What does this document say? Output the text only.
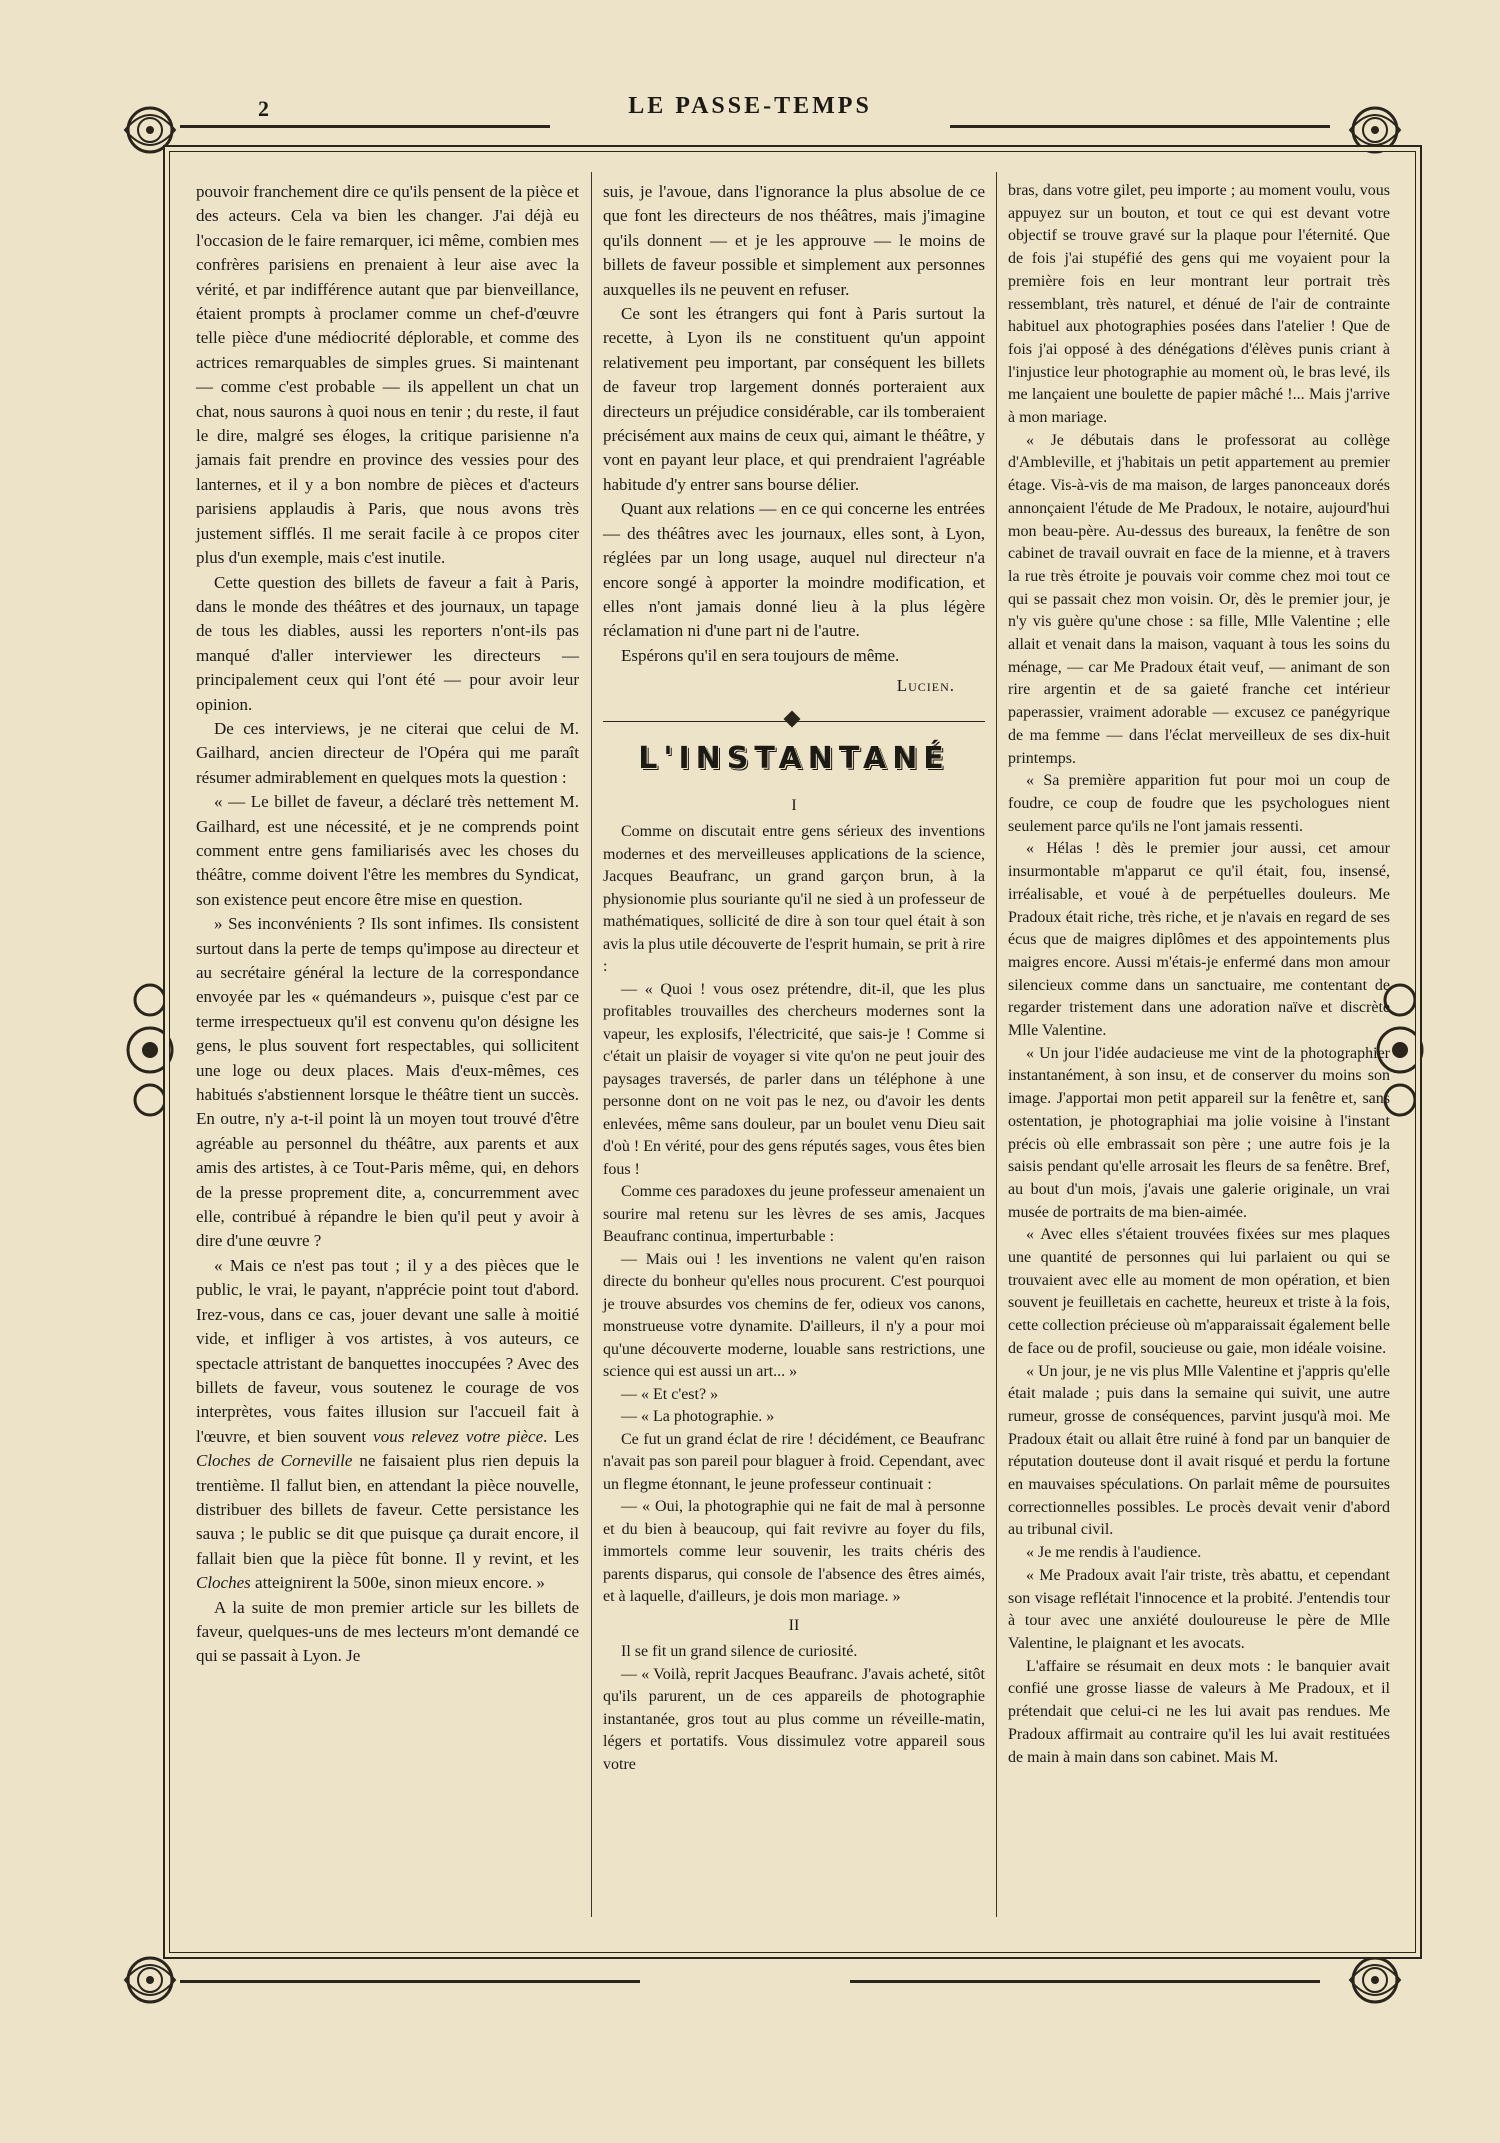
2	LE PASSE-TEMPS

pouvoir franchement dire ce qu'ils pensent de la pièce et des acteurs. Cela va bien les changer. J'ai déjà eu l'occasion de le faire remarquer, ici même, combien mes confrères parisiens en prenaient à leur aise avec la vérité, et par indifférence autant que par bienveillance, étaient prompts à proclamer comme un chef-d'œuvre telle pièce d'une médiocrité déplorable, et comme des actrices remarquables de simples grues. Si maintenant — comme c'est probable — ils appellent un chat un chat, nous saurons à quoi nous en tenir ; du reste, il faut le dire, malgré ses éloges, la critique parisienne n'a jamais fait prendre en province des vessies pour des lanternes, et il y a bon nombre de pièces et d'acteurs parisiens applaudis à Paris, que nous avons très justement sifflés. Il me serait facile à ce propos citer plus d'un exemple, mais c'est inutile.

Cette question des billets de faveur a fait à Paris, dans le monde des théâtres et des journaux, un tapage de tous les diables, aussi les reporters n'ont-ils pas manqué d'aller interviewer les directeurs — principalement ceux qui l'ont été — pour avoir leur opinion.

De ces interviews, je ne citerai que celui de M. Gailhard, ancien directeur de l'Opéra qui me paraît résumer admirablement en quelques mots la question :

« — Le billet de faveur, a déclaré très nettement M. Gailhard, est une nécessité, et je ne comprends point comment entre gens familiarisés avec les choses du théâtre, comme doivent l'être les membres du Syndicat, son existence peut encore être mise en question.

» Ses inconvénients ? Ils sont infimes. Ils consistent surtout dans la perte de temps qu'impose au directeur et au secrétaire général la lecture de la correspondance envoyée par les « quémandeurs », puisque c'est par ce terme irrespectueux qu'il est convenu qu'on désigne les gens, le plus souvent fort respectables, qui sollicitent une loge ou deux places. Mais d'eux-mêmes, ces habitués s'abstiennent lorsque le théâtre tient un succès. En outre, n'y a-t-il point là un moyen tout trouvé d'être agréable au personnel du théâtre, aux parents et aux amis des artistes, à ce Tout-Paris même, qui, en dehors de la presse proprement dite, a, concurremment avec elle, contribué à répandre le bien qu'il peut y avoir à dire d'une œuvre ?

« Mais ce n'est pas tout ; il y a des pièces que le public, le vrai, le payant, n'apprécie point tout d'abord. Irez-vous, dans ce cas, jouer devant une salle à moitié vide, et infliger à vos artistes, à vos auteurs, ce spectacle attristant de banquettes inoccupées ? Avec des billets de faveur, vous soutenez le courage de vos interprètes, vous faites illusion sur l'accueil fait à l'œuvre, et bien souvent vous relevez votre pièce. Les Cloches de Corneville ne faisaient plus rien depuis la trentième. Il fallut bien, en attendant la pièce nouvelle, distribuer des billets de faveur. Cette persistance les sauva ; le public se dit que puisque ça durait encore, il fallait bien que la pièce fût bonne. Il y revint, et les Cloches atteignirent la 500e, sinon mieux encore. »

A la suite de mon premier article sur les billets de faveur, quelques-uns de mes lecteurs m'ont demandé ce qui se passait à Lyon. Je

suis, je l'avoue, dans l'ignorance la plus absolue de ce que font les directeurs de nos théâtres, mais j'imagine qu'ils donnent — et je les approuve — le moins de billets de faveur possible et simplement aux personnes auxquelles ils ne peuvent en refuser.

Ce sont les étrangers qui font à Paris surtout la recette, à Lyon ils ne constituent qu'un appoint relativement peu important, par conséquent les billets de faveur trop largement donnés porteraient aux directeurs un préjudice considérable, car ils tomberaient précisément aux mains de ceux qui, aimant le théâtre, y vont en payant leur place, et qui prendraient l'agréable habitude d'y entrer sans bourse délier.

Quant aux relations — en ce qui concerne les entrées — des théâtres avec les journaux, elles sont, à Lyon, réglées par un long usage, auquel nul directeur n'a encore songé à apporter la moindre modification, et elles n'ont jamais donné lieu à la plus légère réclamation ni d'une part ni de l'autre.

Espérons qu'il en sera toujours de même.

Lucien.

L'INSTANTANÉ

I

Comme on discutait entre gens sérieux des inventions modernes et des merveilleuses applications de la science, Jacques Beaufranc, un grand garçon brun, à la physionomie plus souriante qu'il ne sied à un professeur de mathématiques, sollicité de dire à son tour quel était à son avis la plus utile découverte de l'esprit humain, se prit à rire :

— « Quoi ! vous osez prétendre, dit-il, que les plus profitables trouvailles des chercheurs modernes sont la vapeur, les explosifs, l'électricité, que sais-je ! Comme si c'était un plaisir de voyager si vite qu'on ne peut jouir des paysages traversés, de parler dans un téléphone à une personne dont on ne voit pas le nez, ou d'avoir les dents enlevées, même sans douleur, par un boulet venu Dieu sait d'où ! En vérité, pour des gens réputés sages, vous êtes bien fous !

Comme ces paradoxes du jeune professeur amenaient un sourire mal retenu sur les lèvres de ses amis, Jacques Beaufranc continua, imperturbable :

— Mais oui ! les inventions ne valent qu'en raison directe du bonheur qu'elles nous procurent. C'est pourquoi je trouve absurdes vos chemins de fer, odieux vos canons, monstrueuse votre dynamite. D'ailleurs, il n'y a pour moi qu'une découverte moderne, louable sans restrictions, une science qui est aussi un art... »

— « Et c'est? »

— « La photographie. »

Ce fut un grand éclat de rire ! décidément, ce Beaufranc n'avait pas son pareil pour blaguer à froid. Cependant, avec un flegme étonnant, le jeune professeur continuait :

— « Oui, la photographie qui ne fait de mal à personne et du bien à beaucoup, qui fait revivre au foyer du fils, immortels comme leur souvenir, les traits chéris des parents disparus, qui console de l'absence des êtres aimés, et à laquelle, d'ailleurs, je dois mon mariage. »

II

Il se fit un grand silence de curiosité.

— « Voilà, reprit Jacques Beaufranc. J'avais acheté, sitôt qu'ils parurent, un de ces appareils de photographie instantanée, gros tout au plus comme un réveille-matin, légers et portatifs. Vous dissimulez votre appareil sous votre

bras, dans votre gilet, peu importe ; au moment voulu, vous appuyez sur un bouton, et tout ce qui est devant votre objectif se trouve gravé sur la plaque pour l'éternité. Que de fois j'ai stupéfié des gens qui me voyaient pour la première fois en leur montrant leur portrait très ressemblant, très naturel, et dénué de l'air de contrainte habituel aux photographies posées dans l'atelier ! Que de fois j'ai opposé à des dénégations d'élèves punis criant à l'injustice leur photographie au moment où, le bras levé, ils me lançaient une boulette de papier mâché !... Mais j'arrive à mon mariage.

« Je débutais dans le professorat au collège d'Ambleville, et j'habitais un petit appartement au premier étage. Vis-à-vis de ma maison, de larges panonceaux dorés annonçaient l'étude de Me Pradoux, le notaire, aujourd'hui mon beau-père. Au-dessus des bureaux, la fenêtre de son cabinet de travail ouvrait en face de la mienne, et à travers la rue très étroite je pouvais voir comme chez moi tout ce qui se passait chez mon voisin. Or, dès le premier jour, je n'y vis guère qu'une chose : sa fille, Mlle Valentine ; elle allait et venait dans la maison, vaquant à tous les soins du ménage, — car Me Pradoux était veuf, — animant de son rire argentin et de sa gaieté franche cet intérieur paperassier, vraiment adorable — excusez ce panégyrique de ma femme — dans l'éclat merveilleux de ses dix-huit printemps.

« Sa première apparition fut pour moi un coup de foudre, ce coup de foudre que les psychologues nient seulement parce qu'ils ne l'ont jamais ressenti.

« Hélas ! dès le premier jour aussi, cet amour insurmontable m'apparut ce qu'il était, fou, insensé, irréalisable, et voué à de perpétuelles douleurs. Me Pradoux était riche, très riche, et je n'avais en regard de ses écus que de maigres diplômes et des appointements plus maigres encore. Aussi m'étais-je enfermé dans mon amour silencieux comme dans un sanctuaire, me contentant de regarder tristement dans une adoration naïve et discrète Mlle Valentine.

« Un jour l'idée audacieuse me vint de la photographier instantanément, à son insu, et de conserver du moins son image. J'apportai mon petit appareil sur la fenêtre et, sans ostentation, je photographiai ma jolie voisine à l'instant précis où elle embrassait son père ; une autre fois je la saisis pendant qu'elle arrosait les fleurs de sa fenêtre. Bref, au bout d'un mois, j'avais une galerie originale, un vrai musée de portraits de ma bien-aimée.

« Avec elles s'étaient trouvées fixées sur mes plaques une quantité de personnes qui lui parlaient ou qui se trouvaient avec elle au moment de mon opération, et bien souvent je feuilletais en cachette, heureux et triste à la fois, cette collection précieuse où m'apparaissait également belle de face ou de profil, soucieuse ou gaie, mon idéale voisine.

« Un jour, je ne vis plus Mlle Valentine et j'appris qu'elle était malade ; puis dans la semaine qui suivit, une autre rumeur, grosse de conséquences, parvint jusqu'à moi. Me Pradoux était ou allait être ruiné à fond par un banquier de réputation douteuse dont il avait risqué et perdu la fortune en mauvaises spéculations. On parlait même de poursuites correctionnelles possibles. Le procès devait venir d'abord au tribunal civil.

« Je me rendis à l'audience.

« Me Pradoux avait l'air triste, très abattu, et cependant son visage reflétait l'innocence et la probité. J'entendis tour à tour avec une anxiété douloureuse le père de Mlle Valentine, le plaignant et les avocats.

L'affaire se résumait en deux mots : le banquier avait confié une grosse liasse de valeurs à Me Pradoux, et il prétendait que celui-ci ne les lui avait pas rendues. Me Pradoux affirmait au contraire qu'il les lui avait restituées de main à main dans son cabinet. Mais M.
